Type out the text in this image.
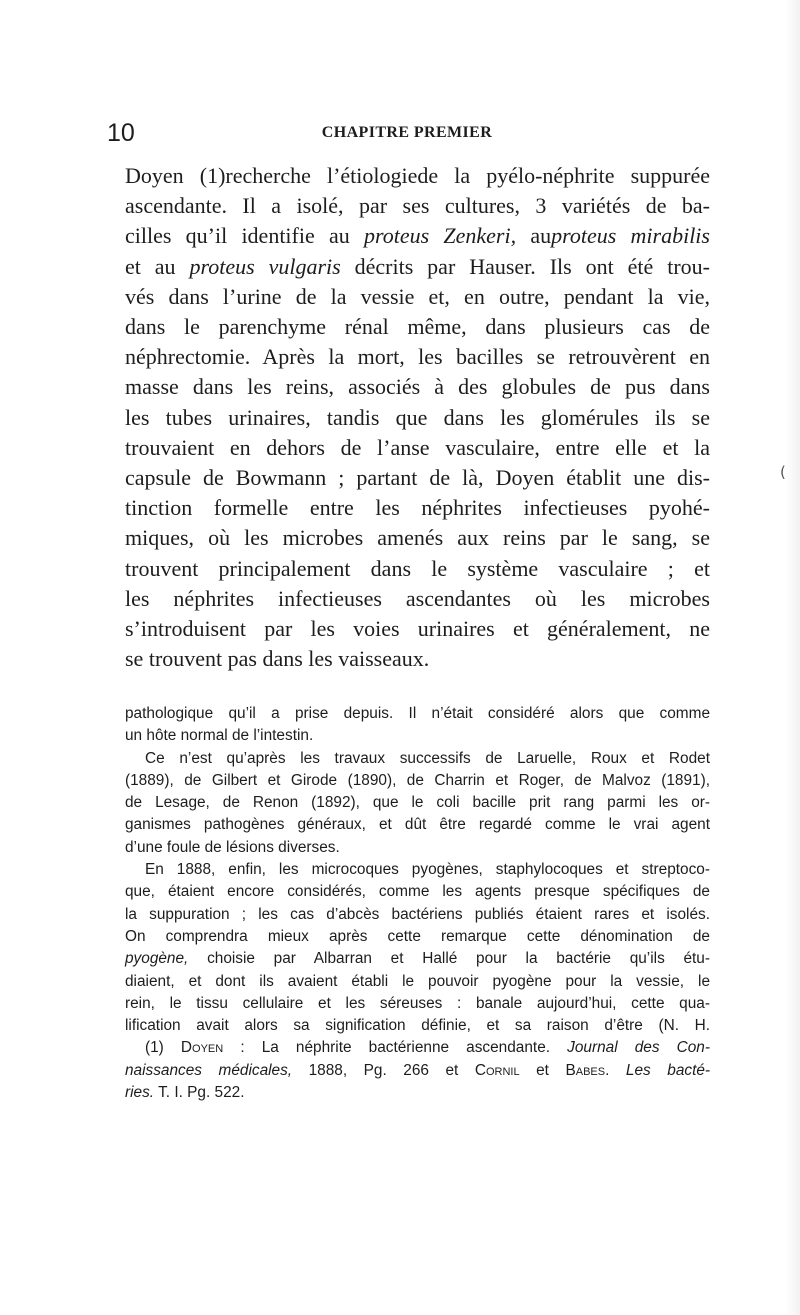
10	CHAPITRE PREMIER
Doyen (1)recherche l’étiologiede la pyélo-néphrite suppurée
ascendante. Il a isolé, par ses cultures, 3 variétés de ba-
cilles qu’il identifie au proteus Zenkeri, auproteus mirabilis
et au proteus vulgaris décrits par Hauser. Ils ont été trou-
vés dans l’urine de la vessie et, en outre, pendant la vie,
dans le parenchyme rénal même, dans plusieurs cas de
néphrectomie. Après la mort, les bacilles se retrouvèrent en
masse dans les reins, associés à des globules de pus dans
les tubes urinaires, tandis que dans les glomérules ils se
trouvaient en dehors de l’anse vasculaire, entre elle et la
capsule de Bowmann ; partant de là, Doyen établit une dis-
tinction formelle entre les néphrites infectieuses pyohé-
miques, où les microbes amenés aux reins par le sang, se
trouvent principalement dans le système vasculaire ; et
les néphrites infectieuses ascendantes où les microbes
s’introduisent par les voies urinaires et généralement, ne
se trouvent pas dans les vaisseaux.
pathologique qu’il a prise depuis. Il n’était considéré alors que comme
un hôte normal de l’intestin.
Ce n’est qu’après les travaux successifs de Laruelle, Roux et Rodet
(1889), de Gilbert et Girode (1890), de Charrin et Roger, de Malvoz (1891),
de Lesage, de Renon (1892), que le coli bacille prit rang parmi les or-
ganismes pathogènes généraux, et dût être regardé comme le vrai agent
d’une foule de lésions diverses.
En 1888, enfin, les microcoques pyogènes, staphylocoques et streptoco-
que, étaient encore considérés, comme les agents presque spécifiques de
la suppuration ; les cas d’abcès bactériens publiés étaient rares et isolés.
On comprendra mieux après cette remarque cette dénomination de
pyogène, choisie par Albarran et Hallé pour la bactérie qu’ils étu-
diaient, et dont ils avaient établi le pouvoir pyogène pour la vessie, le
rein, le tissu cellulaire et les séreuses : banale aujourd’hui, cette qua-
lification avait alors sa signification définie, et sa raison d’être (N. H.
(1) Doyen : La néphrite bactérienne ascendante. Journal des Con-
naissances médicales, 1888, Pg. 266 et Cornil et Babes. Les bacté-
ries. T. I. Pg. 522.
(
